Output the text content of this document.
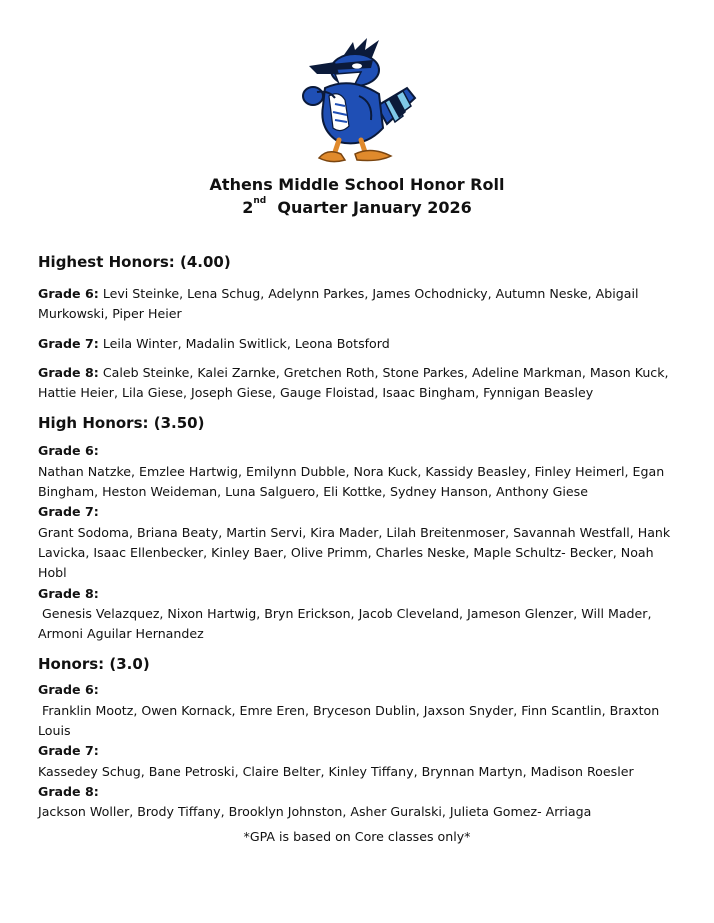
Athens Middle School Honor Roll
2nd Quarter January 2026
Highest Honors: (4.00)

Grade 6: Levi Steinke, Lena Schug, Adelynn Parkes, James Ochodnicky, Autumn Neske, Abigail Murkowski, Piper Heier

Grade 7: Leila Winter, Madalin Switlick, Leona Botsford

Grade 8: Caleb Steinke, Kalei Zarnke, Gretchen Roth, Stone Parkes, Adeline Markman, Mason Kuck, Hattie Heier, Lila Giese, Joseph Giese, Gauge Floistad, Isaac Bingham, Fynnigan Beasley

High Honors: (3.50)

Grade 6:
Nathan Natzke, Emzlee Hartwig, Emilynn Dubble, Nora Kuck, Kassidy Beasley, Finley Heimerl, Egan Bingham, Heston Weideman, Luna Salguero, Eli Kottke, Sydney Hanson, Anthony Giese

Grade 7:
Grant Sodoma, Briana Beaty, Martin Servi, Kira Mader, Lilah Breitenmoser, Savannah Westfall, Hank Lavicka, Isaac Ellenbecker, Kinley Baer, Olive Primm, Charles Neske, Maple Schultz- Becker, Noah Hobl

Grade 8:
Genesis Velazquez, Nixon Hartwig, Bryn Erickson, Jacob Cleveland, Jameson Glenzer, Will Mader, Armoni Aguilar Hernandez

Honors: (3.0)

Grade 6:
Franklin Mootz, Owen Kornack, Emre Eren, Bryceson Dublin, Jaxson Snyder, Finn Scantlin, Braxton Louis

Grade 7:
Kassedey Schug, Bane Petroski, Claire Belter, Kinley Tiffany, Brynnan Martyn, Madison Roesler

Grade 8:
Jackson Woller, Brody Tiffany, Brooklyn Johnston, Asher Guralski, Julieta Gomez- Arriaga

*GPA is based on Core classes only*
